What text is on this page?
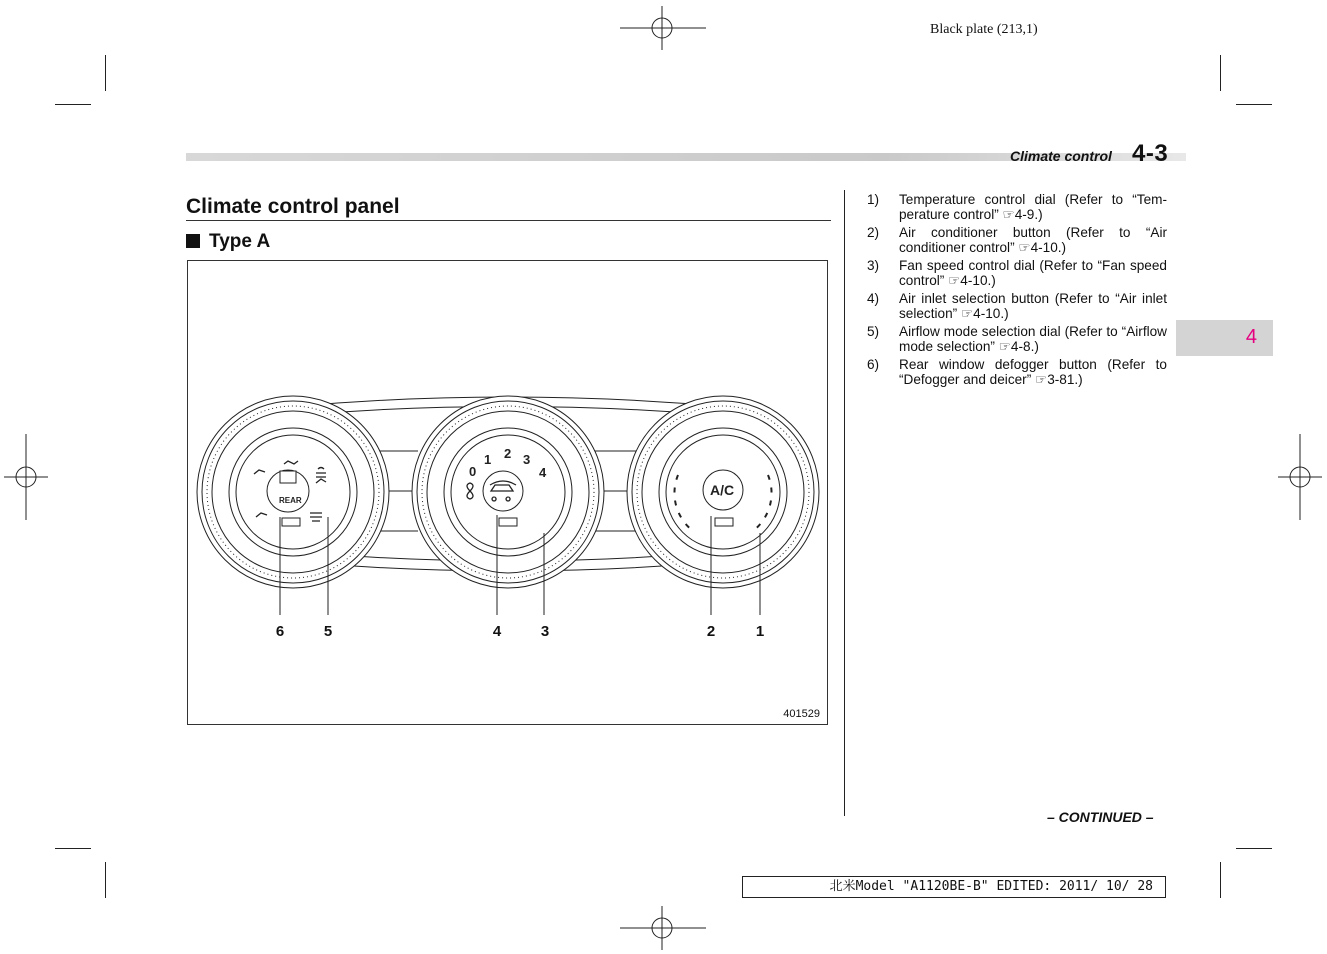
Black plate (213,1)
Climate control 4-3
Climate control panel
Type A
REAR
0
1 2 3
4
A/C
6	5	4	3	2	1
401529
1)	Temperature control dial (Refer to “Tem-perature control” ☞4-9.)
2)	Air conditioner button (Refer to “Air conditioner control” ☞4-10.)
3)	Fan speed control dial (Refer to “Fan speed control” ☞4-10.)
4)	Air inlet selection button (Refer to “Air inlet selection” ☞4-10.)
5)	Airflow mode selection dial (Refer to “Airflow mode selection” ☞4-8.)
6)	Rear window defogger button (Refer to “Defogger and deicer” ☞3-81.)
4
– CONTINUED –
北米Model "A1120BE-B" EDITED: 2011/ 10/ 28
